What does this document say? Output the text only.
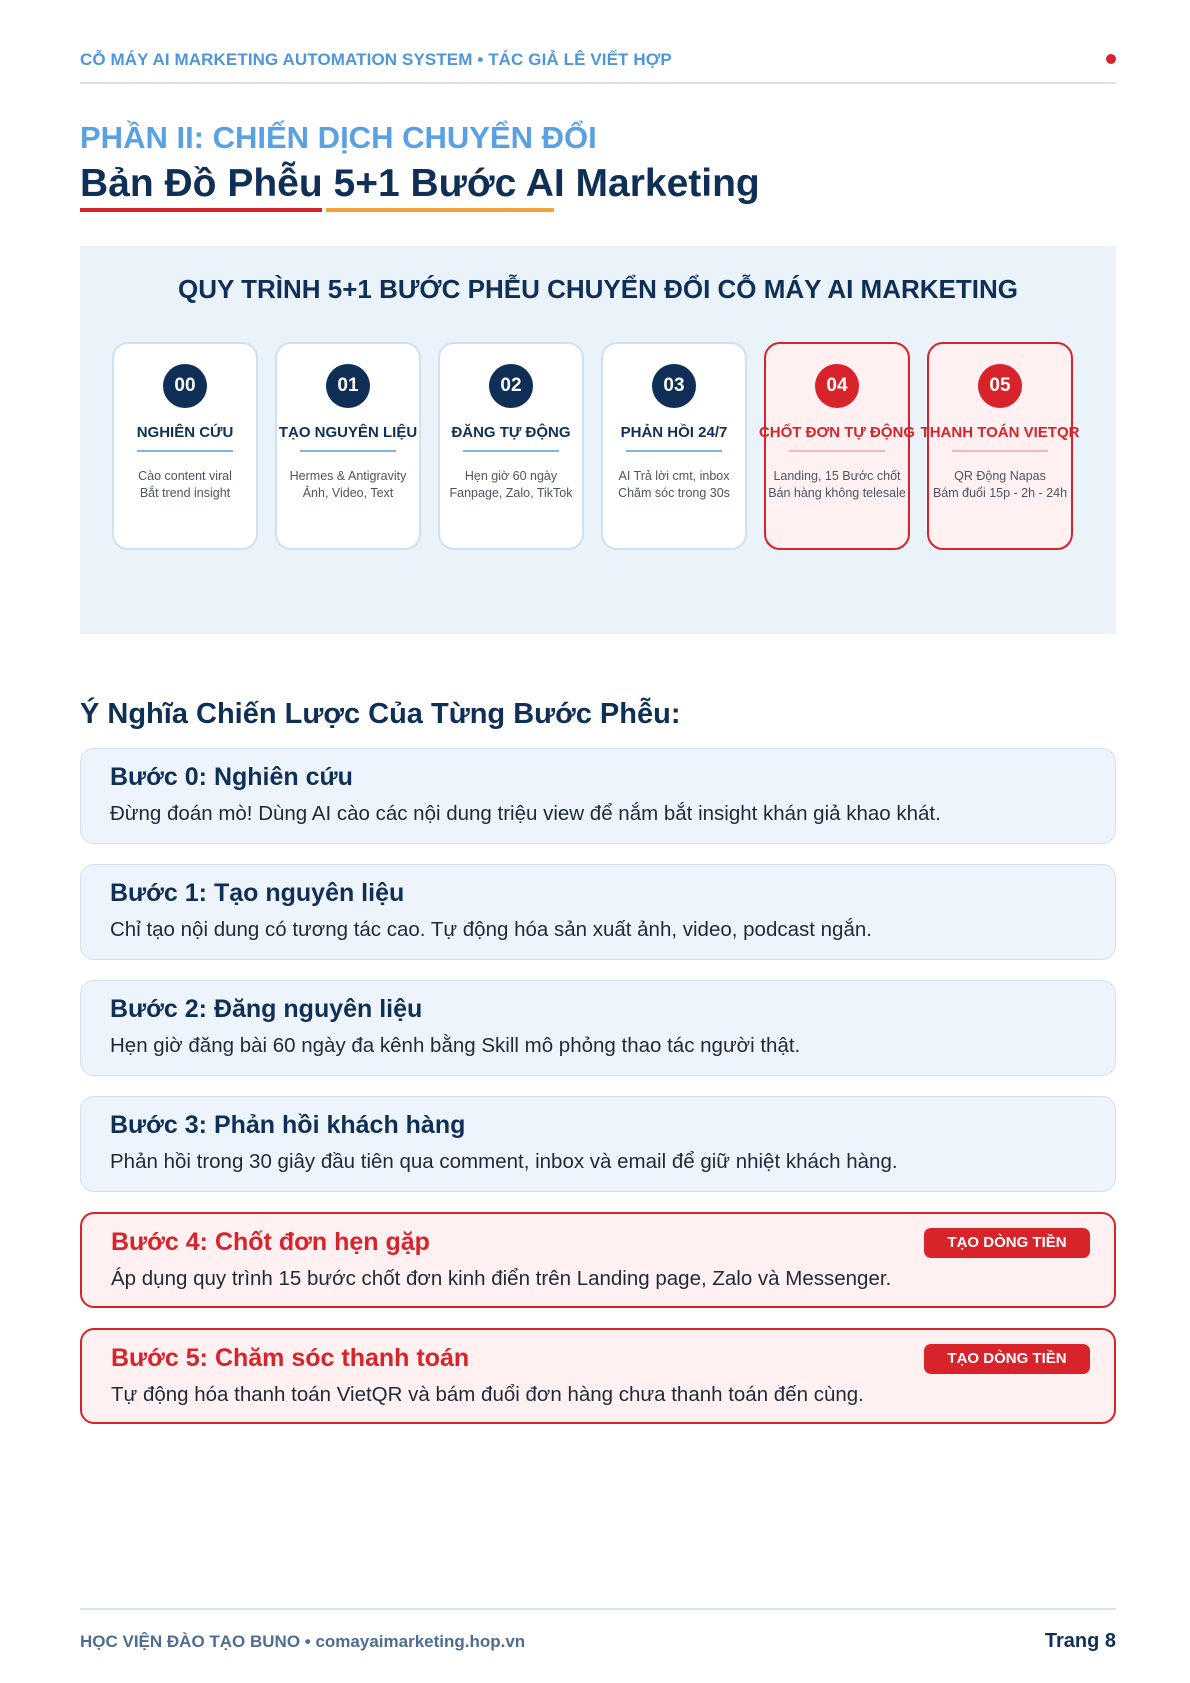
CỖ MÁY AI MARKETING AUTOMATION SYSTEM • TÁC GIẢ LÊ VIẾT HỢP
PHẦN II: CHIẾN DỊCH CHUYỂN ĐỔI
Bản Đồ Phễu 5+1 Bước AI Marketing
QUY TRÌNH 5+1 BƯỚC PHỄU CHUYỂN ĐỔI CỖ MÁY AI MARKETING
00
NGHIÊN CỨU
Cào content viral
Bắt trend insight
01
TẠO NGUYÊN LIỆU
Hermes & Antigravity
Ảnh, Video, Text
02
ĐĂNG TỰ ĐỘNG
Hẹn giờ 60 ngày
Fanpage, Zalo, TikTok
03
PHẢN HỒI 24/7
AI Trả lời cmt, inbox
Chăm sóc trong 30s
04
CHỐT ĐƠN TỰ ĐỘNG
Landing, 15 Bước chốt
Bán hàng không telesale
05
THANH TOÁN VIETQR
QR Động Napas
Bám đuổi 15p - 2h - 24h
Ý Nghĩa Chiến Lược Của Từng Bước Phễu:
Bước 0: Nghiên cứu
Đừng đoán mò! Dùng AI cào các nội dung triệu view để nắm bắt insight khán giả khao khát.
Bước 1: Tạo nguyên liệu
Chỉ tạo nội dung có tương tác cao. Tự động hóa sản xuất ảnh, video, podcast ngắn.
Bước 2: Đăng nguyên liệu
Hẹn giờ đăng bài 60 ngày đa kênh bằng Skill mô phỏng thao tác người thật.
Bước 3: Phản hồi khách hàng
Phản hồi trong 30 giây đầu tiên qua comment, inbox và email để giữ nhiệt khách hàng.
Bước 4: Chốt đơn hẹn gặp	TẠO DÒNG TIỀN
Áp dụng quy trình 15 bước chốt đơn kinh điển trên Landing page, Zalo và Messenger.
Bước 5: Chăm sóc thanh toán	TẠO DÒNG TIỀN
Tự động hóa thanh toán VietQR và bám đuổi đơn hàng chưa thanh toán đến cùng.
HỌC VIỆN ĐÀO TẠO BUNO • comayaimarketing.hop.vn	Trang 8
